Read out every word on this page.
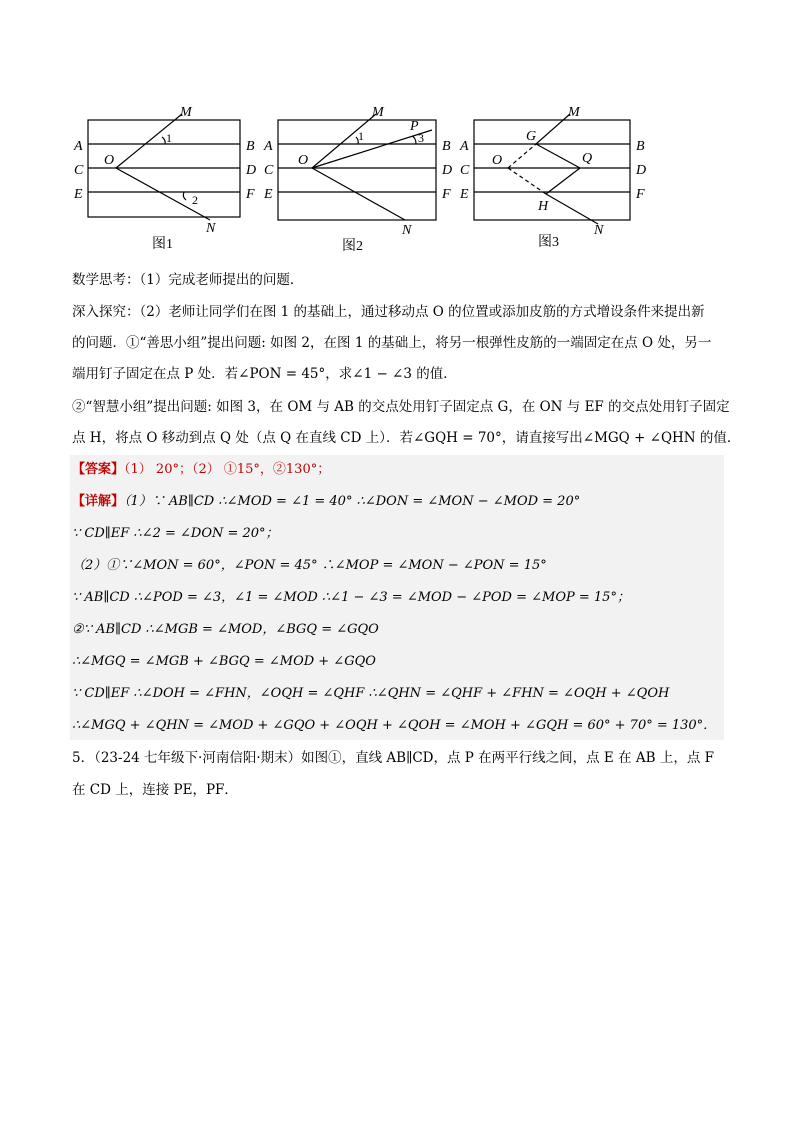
M
A	B
C
O
D
E	F
N
1
2
图1
M
P
A	B
C
O
D
E	F
N
1	3
图2
M
A
G
B
C
O	Q
D
E
H
F
N
图3
数学思考：（1）完成老师提出的问题．
深入探究：（2）老师让同学们在图 1 的基础上，通过移动点 O 的位置或添加皮筋的方式增设条件来提出新
的问题．①“善思小组”提出问题: 如图 2，在图 1 的基础上，将另一根弹性皮筋的一端固定在点 O 处，另一
端用钉子固定在点 P 处．若∠PON = 45°，求∠1 − ∠3 的值．
②“智慧小组”提出问题: 如图 3，在 OM 与 AB 的交点处用钉子固定点 G，在 ON 与 EF 的交点处用钉子固定
点 H，将点 O 移动到点 Q 处（点 Q 在直线 CD 上）．若∠GQH = 70°，请直接写出∠MGQ + ∠QHN 的值．
【答案】（1） 20°；（2） ①15°，②130°；
【详解】（1）∵ AB∥CD ∴∠MOD = ∠1 = 40° ∴∠DON = ∠MON − ∠MOD = 20°
∵ CD∥EF ∴∠2 = ∠DON = 20°；
（2）①∵∠MON = 60°，∠PON = 45° ∴∠MOP = ∠MON − ∠PON = 15°
∵ AB∥CD ∴∠POD = ∠3，∠1 = ∠MOD ∴∠1 − ∠3 = ∠MOD − ∠POD = ∠MOP = 15°；
②∵ AB∥CD ∴∠MGB = ∠MOD，∠BGQ = ∠GQO
∴∠MGQ = ∠MGB + ∠BGQ = ∠MOD + ∠GQO
∵ CD∥EF ∴∠DOH = ∠FHN，∠OQH = ∠QHF ∴∠QHN = ∠QHF + ∠FHN = ∠OQH + ∠QOH
∴∠MGQ + ∠QHN = ∠MOD + ∠GQO + ∠OQH + ∠QOH = ∠MOH + ∠GQH = 60° + 70° = 130°．
5．（23-24 七年级下·河南信阳·期末）如图①，直线 AB∥CD，点 P 在两平行线之间，点 E 在 AB 上，点 F
在 CD 上，连接 PE，PF．
